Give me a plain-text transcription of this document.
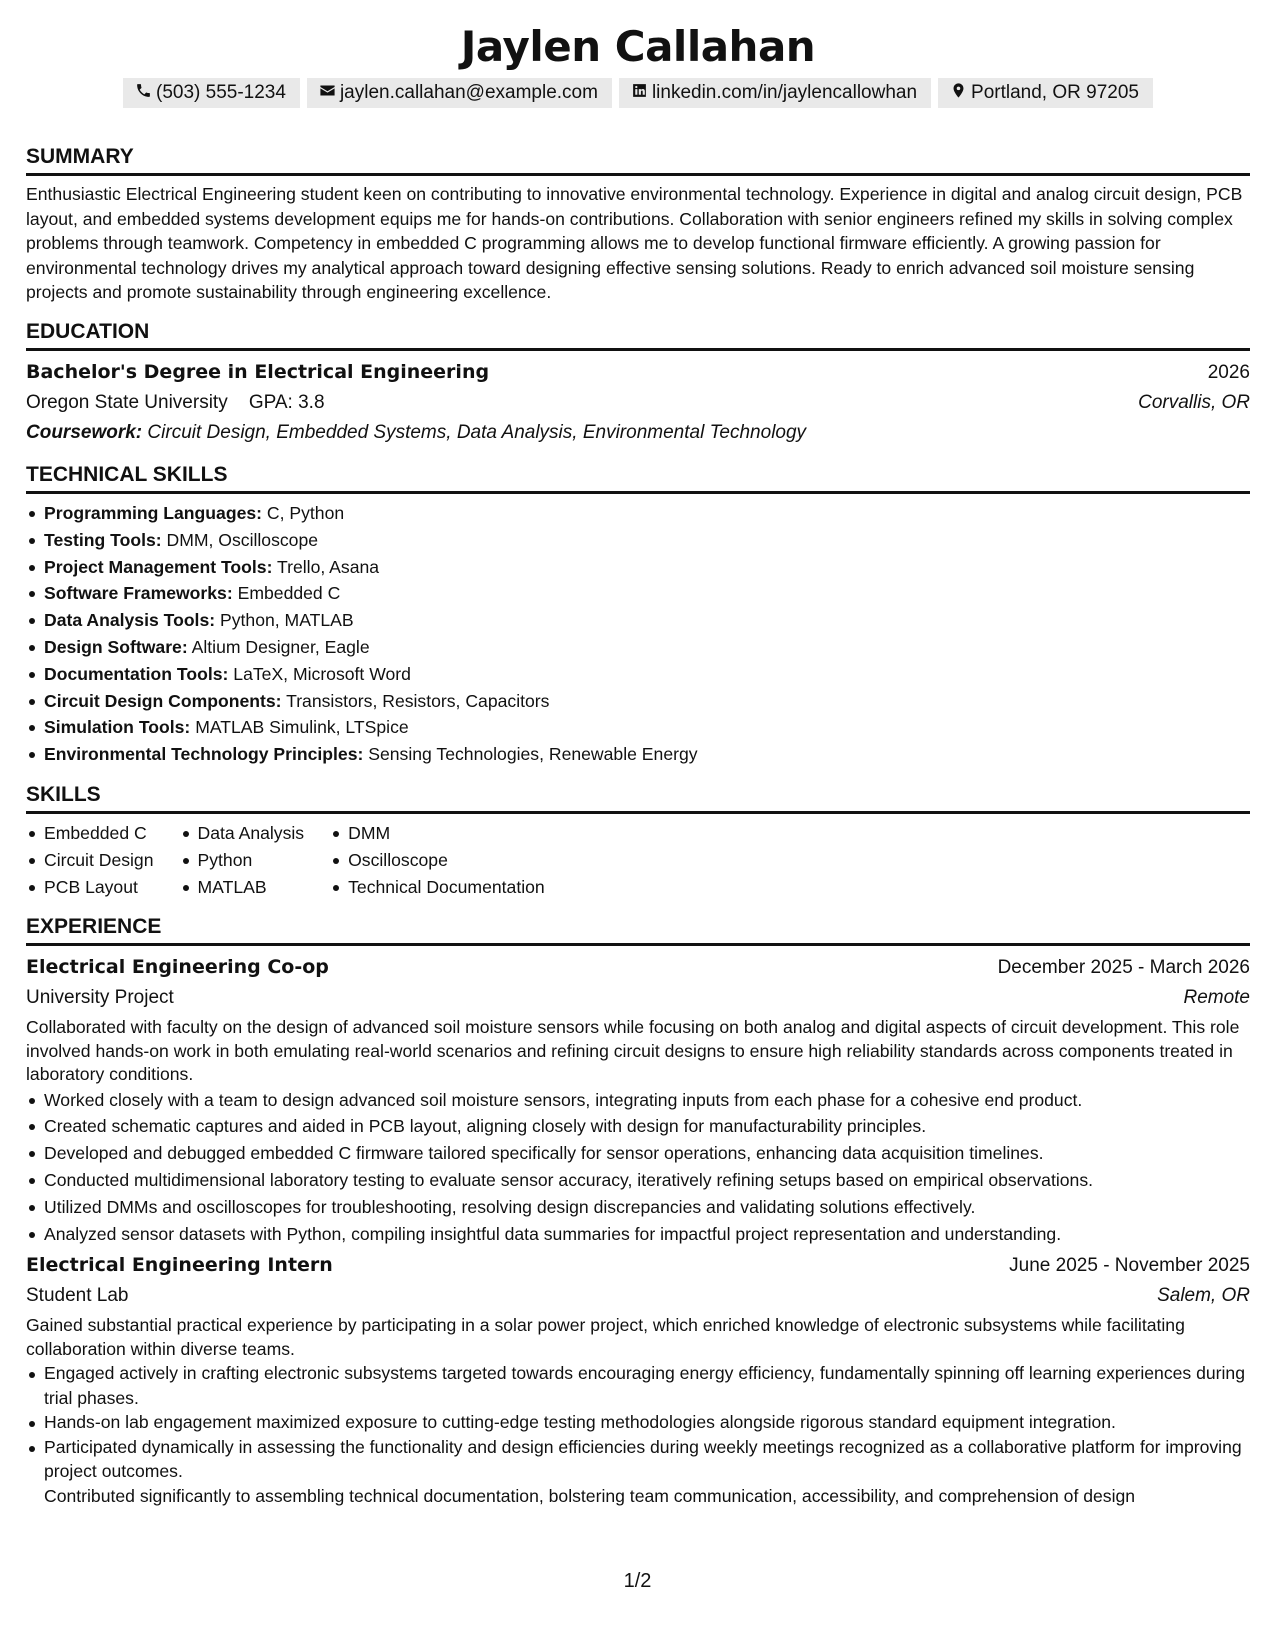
Jaylen Callahan
(503) 555-1234	jaylen.callahan@example.com	linkedin.com/in/jaylencallowhan	Portland, OR 97205
SUMMARY

Enthusiastic Electrical Engineering student keen on contributing to innovative environmental technology. Experience in digital and analog circuit design, PCB layout, and embedded systems development equips me for hands-on contributions. Collaboration with senior engineers refined my skills in solving complex problems through teamwork. Competency in embedded C programming allows me to develop functional firmware efficiently. A growing passion for environmental technology drives my analytical approach toward designing effective sensing solutions. Ready to enrich advanced soil moisture sensing projects and promote sustainability through engineering excellence.

EDUCATION
Bachelor's Degree in Electrical Engineering	2026
Oregon State University GPA: 3.8	Corvallis, OR
Coursework: Circuit Design, Embedded Systems, Data Analysis, Environmental Technology
TECHNICAL SKILLS
Programming Languages: C, Python
Testing Tools: DMM, Oscilloscope
Project Management Tools: Trello, Asana
Software Frameworks: Embedded C
Data Analysis Tools: Python, MATLAB
Design Software: Altium Designer, Eagle
Documentation Tools: LaTeX, Microsoft Word
Circuit Design Components: Transistors, Resistors, Capacitors
Simulation Tools: MATLAB Simulink, LTSpice
Environmental Technology Principles: Sensing Technologies, Renewable Energy
SKILLS
Embedded C
Circuit Design
PCB Layout
Data Analysis
Python
MATLAB
DMM
Oscilloscope
Technical Documentation
EXPERIENCE
Electrical Engineering Co-op	December 2025 - March 2026
University Project	Remote

Collaborated with faculty on the design of advanced soil moisture sensors while focusing on both analog and digital aspects of circuit development. This role involved hands-on work in both emulating real-world scenarios and refining circuit designs to ensure high reliability standards across components treated in laboratory conditions.

Worked closely with a team to design advanced soil moisture sensors, integrating inputs from each phase for a cohesive end product.
Created schematic captures and aided in PCB layout, aligning closely with design for manufacturability principles.
Developed and debugged embedded C firmware tailored specifically for sensor operations, enhancing data acquisition timelines.
Conducted multidimensional laboratory testing to evaluate sensor accuracy, iteratively refining setups based on empirical observations.
Utilized DMMs and oscilloscopes for troubleshooting, resolving design discrepancies and validating solutions effectively.
Analyzed sensor datasets with Python, compiling insightful data summaries for impactful project representation and understanding.
Electrical Engineering Intern	June 2025 - November 2025
Student Lab	Salem, OR

Gained substantial practical experience by participating in a solar power project, which enriched knowledge of electronic subsystems while facilitating collaboration within diverse teams.

Engaged actively in crafting electronic subsystems targeted towards encouraging energy efficiency, fundamentally spinning off learning experiences during trial phases.
Hands-on lab engagement maximized exposure to cutting-edge testing methodologies alongside rigorous standard equipment integration.
Participated dynamically in assessing the functionality and design efficiencies during weekly meetings recognized as a collaborative platform for improving project outcomes.
Contributed significantly to assembling technical documentation, bolstering team communication, accessibility, and comprehension of design
1/2
